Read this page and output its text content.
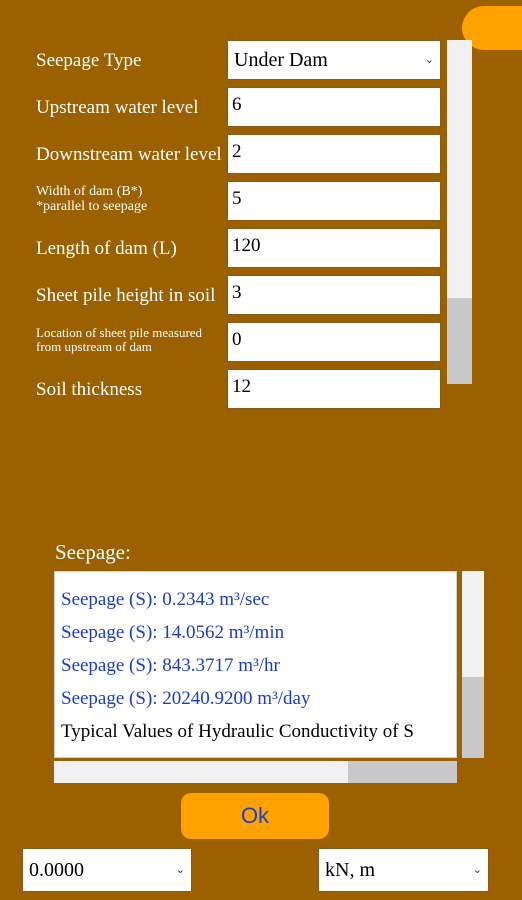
Seepage Type	Under Dam	⌄
Upstream water level	6
Downstream water level 2
Width of dam (B*)
*parallel to seepage	5
Length of dam (L)	120
Sheet pile height in soil 3
Location of sheet pile measured
from upstream of dam	0
Soil thickness	12
Seepage:
Seepage (S): 0.2343 m³/sec
Seepage (S): 14.0562 m³/min
Seepage (S): 843.3717 m³/hr
Seepage (S): 20240.9200 m³/day
Typical Values of Hydraulic Conductivity of S
Ok
0.0000	⌄	kN, m	⌄
